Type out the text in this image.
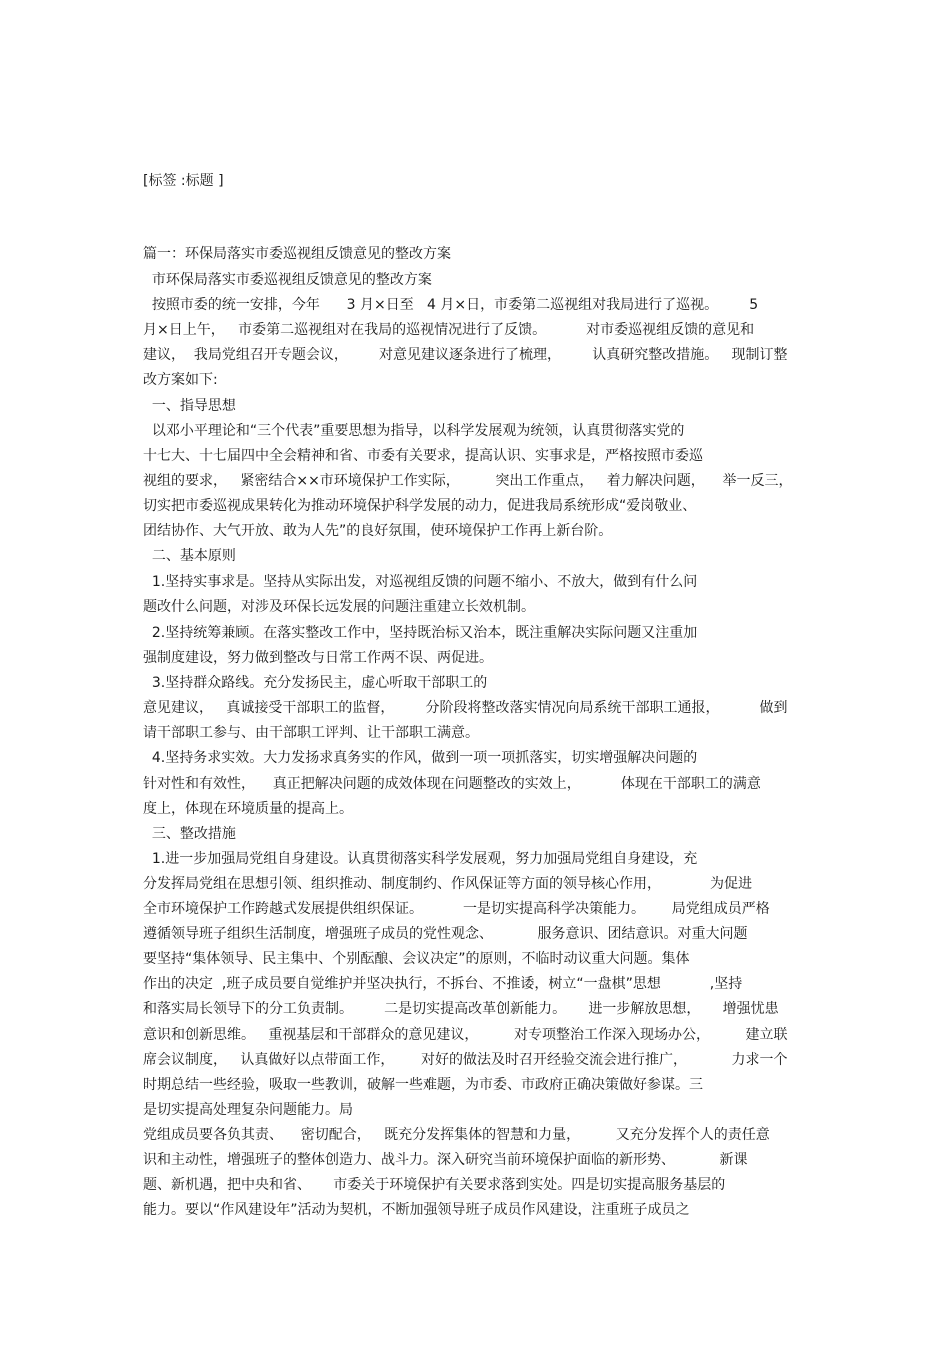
[标签 :标题 ]

篇一：环保局落实市委巡视组反馈意见的整改方案

市环保局落实市委巡视组反馈意见的整改方案

按照市委的统一安排，今年      3 月×日至   4 月×日，市委第二巡视组对我局进行了巡视。       5

月×日上午，   市委第二巡视组对在我局的巡视情况进行了反馈。         对市委巡视组反馈的意见和

建议，  我局党组召开专题会议，       对意见建议逐条进行了梳理，       认真研究整改措施。   现制订整

改方案如下:

一、指导思想

以邓小平理论和“三个代表”重要思想为指导，以科学发展观为统领，认真贯彻落实党的

十七大、十七届四中全会精神和省、市委有关要求，提高认识、实事求是，严格按照市委巡

视组的要求，   紧密结合××市环境保护工作实际，        突出工作重点，   着力解决问题，    举一反三，

切实把市委巡视成果转化为推动环境保护科学发展的动力，促进我局系统形成“爱岗敬业、

团结协作、大气开放、敢为人先”的良好氛围，使环境保护工作再上新台阶。

二、基本原则

1.坚持实事求是。坚持从实际出发，对巡视组反馈的问题不缩小、不放大，做到有什么问

题改什么问题，对涉及环保长远发展的问题注重建立长效机制。

2.坚持统筹兼顾。在落实整改工作中，坚持既治标又治本，既注重解决实际问题又注重加

强制度建设，努力做到整改与日常工作两不误、两促进。

3.坚持群众路线。充分发扬民主，虚心听取干部职工的

意见建议，   真诚接受干部职工的监督，       分阶段将整改落实情况向局系统干部职工通报，         做到

请干部职工参与、由干部职工评判、让干部职工满意。

4.坚持务求实效。大力发扬求真务实的作风，做到一项一项抓落实，切实增强解决问题的

针对性和有效性，    真正把解决问题的成效体现在问题整改的实效上，         体现在干部职工的满意

度上，体现在环境质量的提高上。

三、整改措施

1.进一步加强局党组自身建设。认真贯彻落实科学发展观，努力加强局党组自身建设，充

分发挥局党组在思想引领、组织推动、制度制约、作风保证等方面的领导核心作用，           为促进

全市环境保护工作跨越式发展提供组织保证。         一是切实提高科学决策能力。      局党组成员严格

遵循领导班子组织生活制度，增强班子成员的党性观念、          服务意识、团结意识。对重大问题

要坚持“集体领导、民主集中、个别酝酿、会议决定”的原则，不临时动议重大问题。集体

作出的决定  ,班子成员要自觉维护并坚决执行，不拆台、不推诿，树立“一盘棋”思想           ,坚持

和落实局长领导下的分工负责制。       二是切实提高改革创新能力。     进一步解放思想，     增强忧患

意识和创新思维。   重视基层和干部群众的意见建议，        对专项整治工作深入现场办公，        建立联

席会议制度，   认真做好以点带面工作，      对好的做法及时召开经验交流会进行推广，          力求一个

时期总结一些经验，吸取一些教训，破解一些难题，为市委、市政府正确决策做好参谋。三

是切实提高处理复杂问题能力。局

党组成员要各负其责、    密切配合，   既充分发挥集体的智慧和力量，        又充分发挥个人的责任意

识和主动性，增强班子的整体创造力、战斗力。深入研究当前环境保护面临的新形势、          新课

题、新机遇，把中央和省、     市委关于环境保护有关要求落到实处。四是切实提高服务基层的

能力。要以“作风建设年”活动为契机，不断加强领导班子成员作风建设，注重班子成员之
